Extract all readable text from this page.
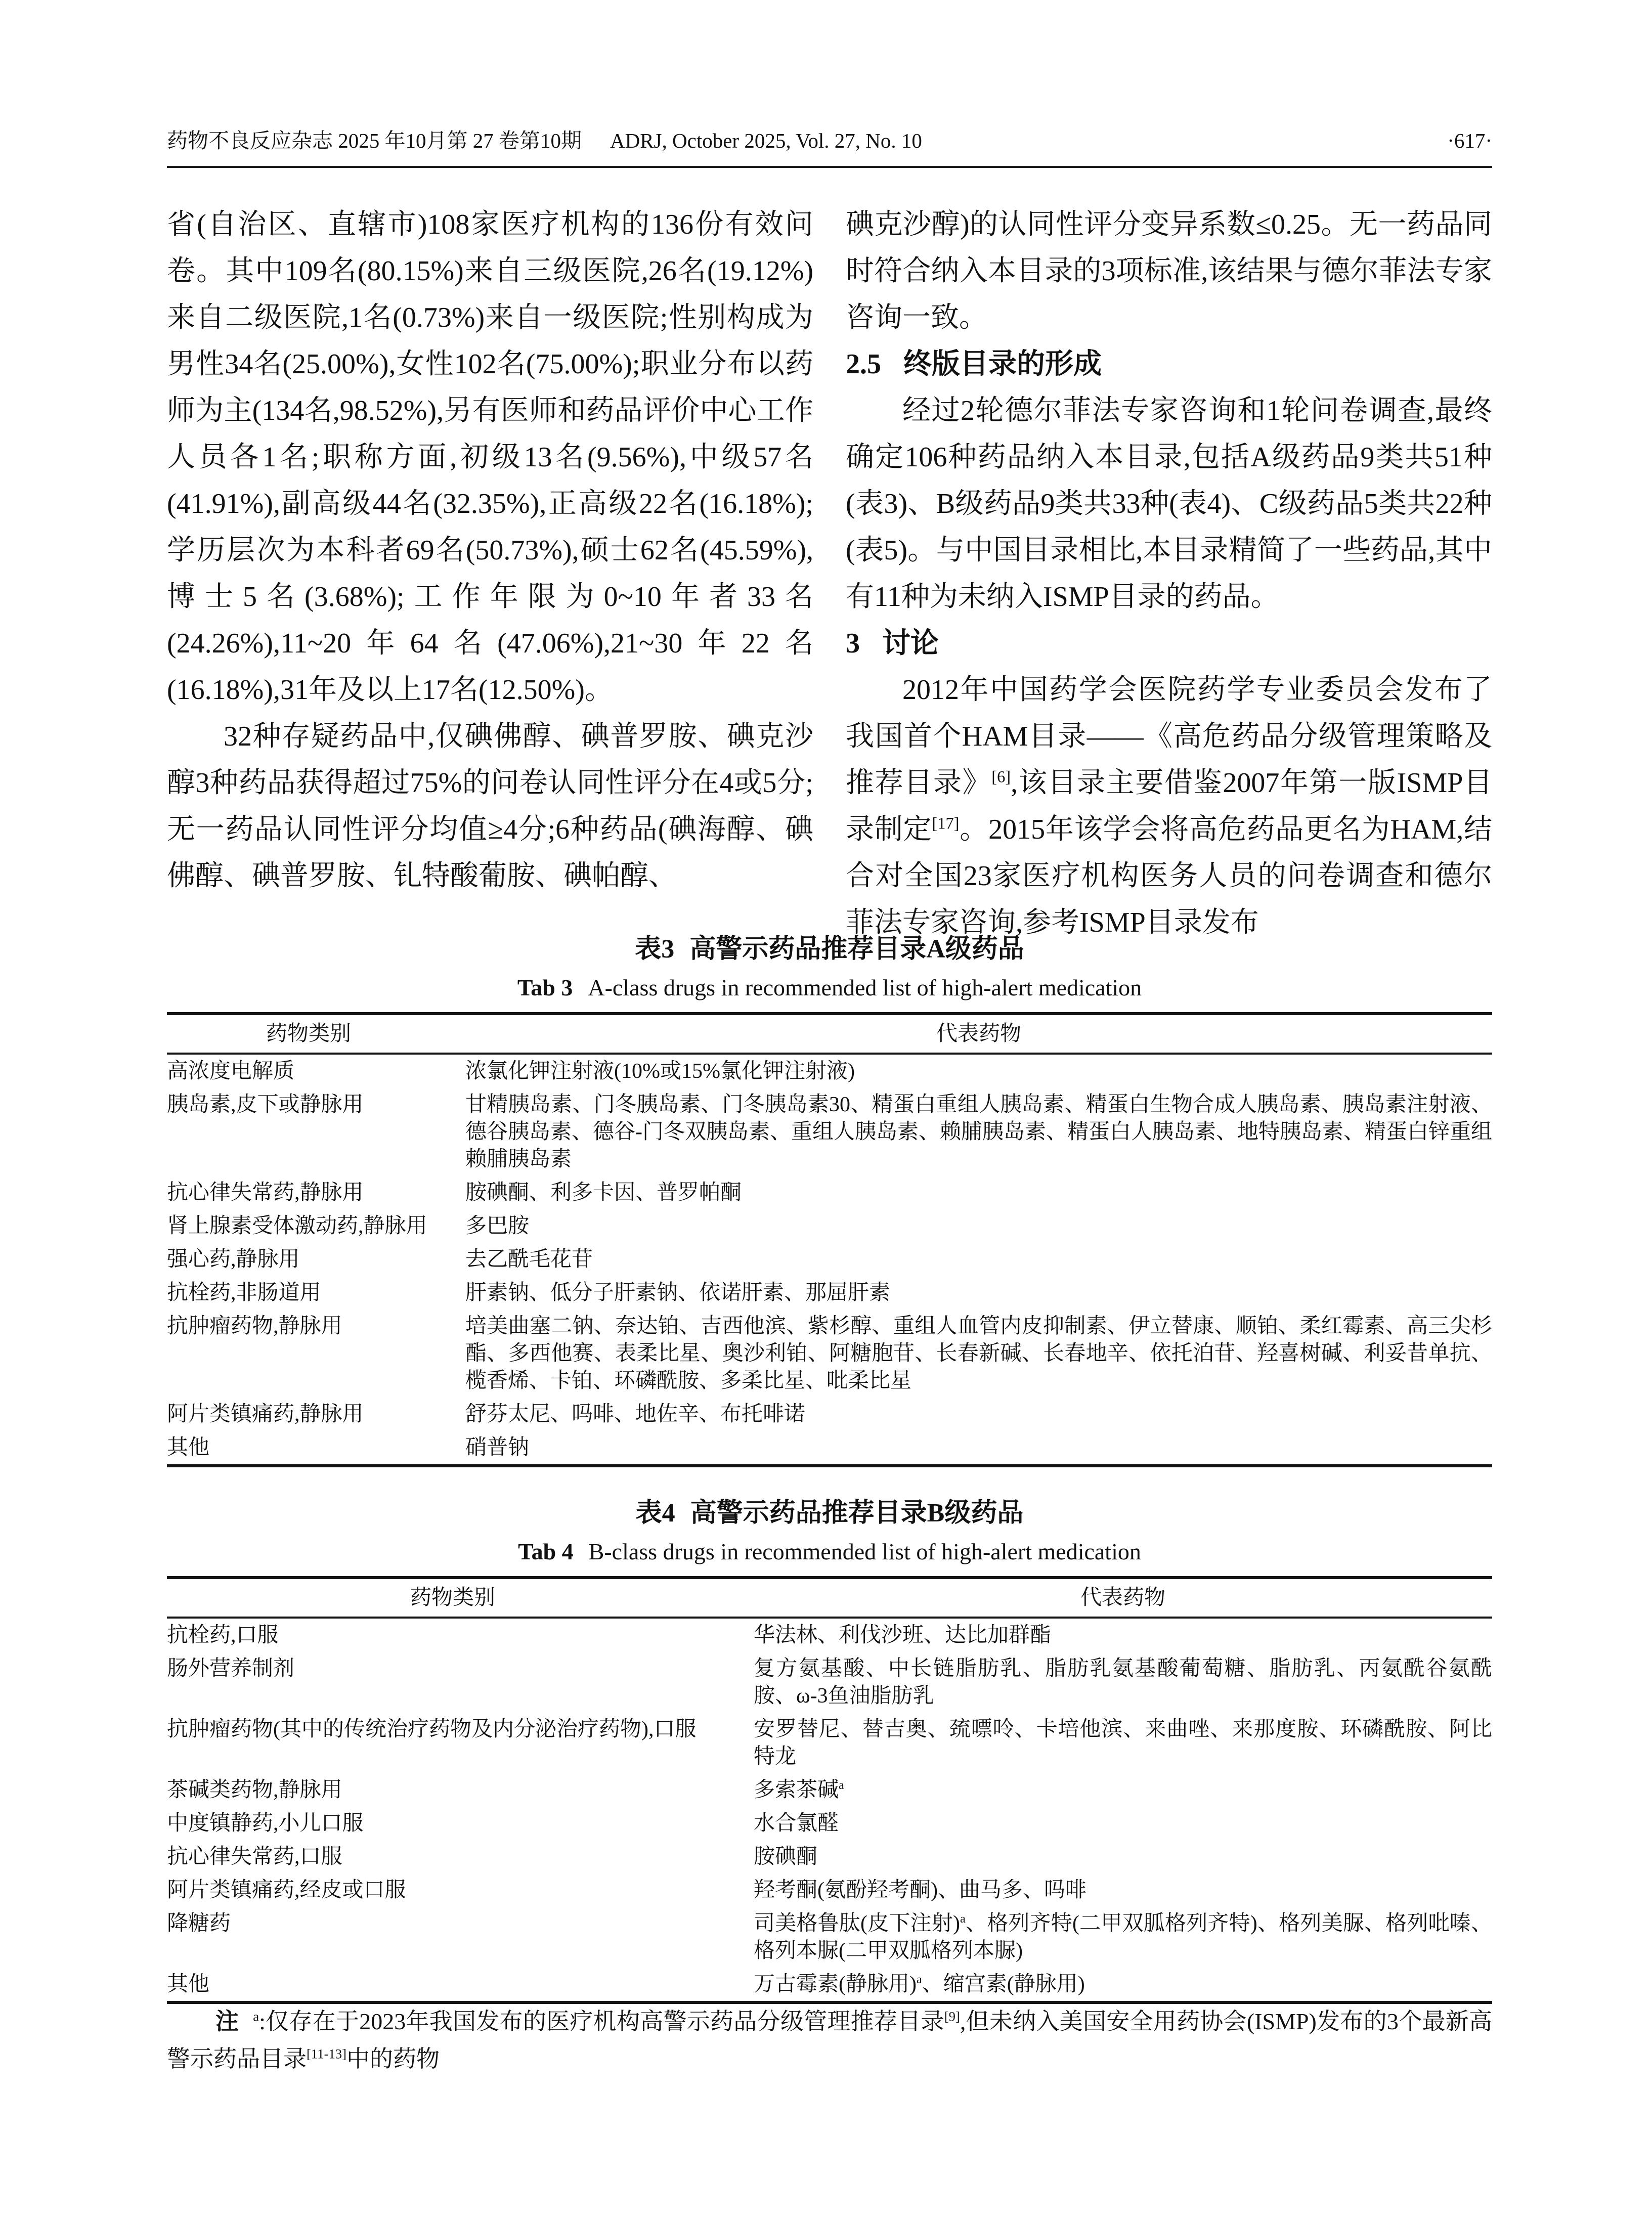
药物不良反应杂志 2025 年10月第 27 卷第10期 ADRJ, October 2025, Vol. 27, No. 10	·617·

省(自治区、直辖市)108家医疗机构的136份有效问卷。其中109名(80.15%)来自三级医院,26名(19.12%)来自二级医院,1名(0.73%)来自一级医院;性别构成为男性34名(25.00%),女性102名(75.00%);职业分布以药师为主(134名,98.52%),另有医师和药品评价中心工作人员各1名;职称方面,初级13名(9.56%),中级57名(41.91%),副高级44名(32.35%),正高级22名(16.18%);学历层次为本科者69名(50.73%),硕士62名(45.59%),博士5名(3.68%);工作年限为0~10年者33名(24.26%),11~20年64名(47.06%),21~30年22名(16.18%),31年及以上17名(12.50%)。

32种存疑药品中,仅碘佛醇、碘普罗胺、碘克沙醇3种药品获得超过75%的问卷认同性评分在4或5分;无一药品认同性评分均值≥4分;6种药品(碘海醇、碘佛醇、碘普罗胺、钆特酸葡胺、碘帕醇、

碘克沙醇)的认同性评分变异系数≤0.25。无一药品同时符合纳入本目录的3项标准,该结果与德尔菲法专家咨询一致。

2.5 终版目录的形成

经过2轮德尔菲法专家咨询和1轮问卷调查,最终确定106种药品纳入本目录,包括A级药品9类共51种(表3)、B级药品9类共33种(表4)、C级药品5类共22种(表5)。与中国目录相比,本目录精简了一些药品,其中有11种为未纳入ISMP目录的药品。

3 讨论

2012年中国药学会医院药学专业委员会发布了我国首个HAM目录——《高危药品分级管理策略及推荐目录》[6],该目录主要借鉴2007年第一版ISMP目录制定[17]。2015年该学会将高危药品更名为HAM,结合对全国23家医疗机构医务人员的问卷调查和德尔菲法专家咨询,参考ISMP目录发布

表3 高警示药品推荐目录A级药品
Tab 3 A-class drugs in recommended list of high-alert medication
药物类别	代表药物
高浓度电解质	浓氯化钾注射液(10%或15%氯化钾注射液)
胰岛素,皮下或静脉用	甘精胰岛素、门冬胰岛素、门冬胰岛素30、精蛋白重组人胰岛素、精蛋白生物合成人胰岛素、胰岛素注射液、德谷胰岛素、德谷-门冬双胰岛素、重组人胰岛素、赖脯胰岛素、精蛋白人胰岛素、地特胰岛素、精蛋白锌重组赖脯胰岛素
抗心律失常药,静脉用	胺碘酮、利多卡因、普罗帕酮
肾上腺素受体激动药,静脉用	多巴胺
强心药,静脉用	去乙酰毛花苷
抗栓药,非肠道用	肝素钠、低分子肝素钠、依诺肝素、那屈肝素
抗肿瘤药物,静脉用	培美曲塞二钠、奈达铂、吉西他滨、紫杉醇、重组人血管内皮抑制素、伊立替康、顺铂、柔红霉素、高三尖杉酯、多西他赛、表柔比星、奥沙利铂、阿糖胞苷、长春新碱、长春地辛、依托泊苷、羟喜树碱、利妥昔单抗、榄香烯、卡铂、环磷酰胺、多柔比星、吡柔比星
阿片类镇痛药,静脉用	舒芬太尼、吗啡、地佐辛、布托啡诺
其他	硝普钠
表4 高警示药品推荐目录B级药品
Tab 4 B-class drugs in recommended list of high-alert medication
药物类别	代表药物
抗栓药,口服	华法林、利伐沙班、达比加群酯
肠外营养制剂	复方氨基酸、中长链脂肪乳、脂肪乳氨基酸葡萄糖、脂肪乳、丙氨酰谷氨酰胺、ω-3鱼油脂肪乳
抗肿瘤药物(其中的传统治疗药物及内分泌治疗药物),口服	安罗替尼、替吉奥、巯嘌呤、卡培他滨、来曲唑、来那度胺、环磷酰胺、阿比特龙
茶碱类药物,静脉用	多索茶碱$^a$
中度镇静药,小儿口服	水合氯醛
抗心律失常药,口服	胺碘酮
阿片类镇痛药,经皮或口服	羟考酮(氨酚羟考酮)、曲马多、吗啡
降糖药	司美格鲁肽(皮下注射)$^a$、格列齐特(二甲双胍格列齐特)、格列美脲、格列吡嗪、格列本脲(二甲双胍格列本脲)
其他	万古霉素(静脉用)$^a$、缩宫素(静脉用)
注 $^a$:仅存在于2023年我国发布的医疗机构高警示药品分级管理推荐目录[9],但未纳入美国安全用药协会(ISMP)发布的3个最新高警示药品目录[11-13]中的药物
